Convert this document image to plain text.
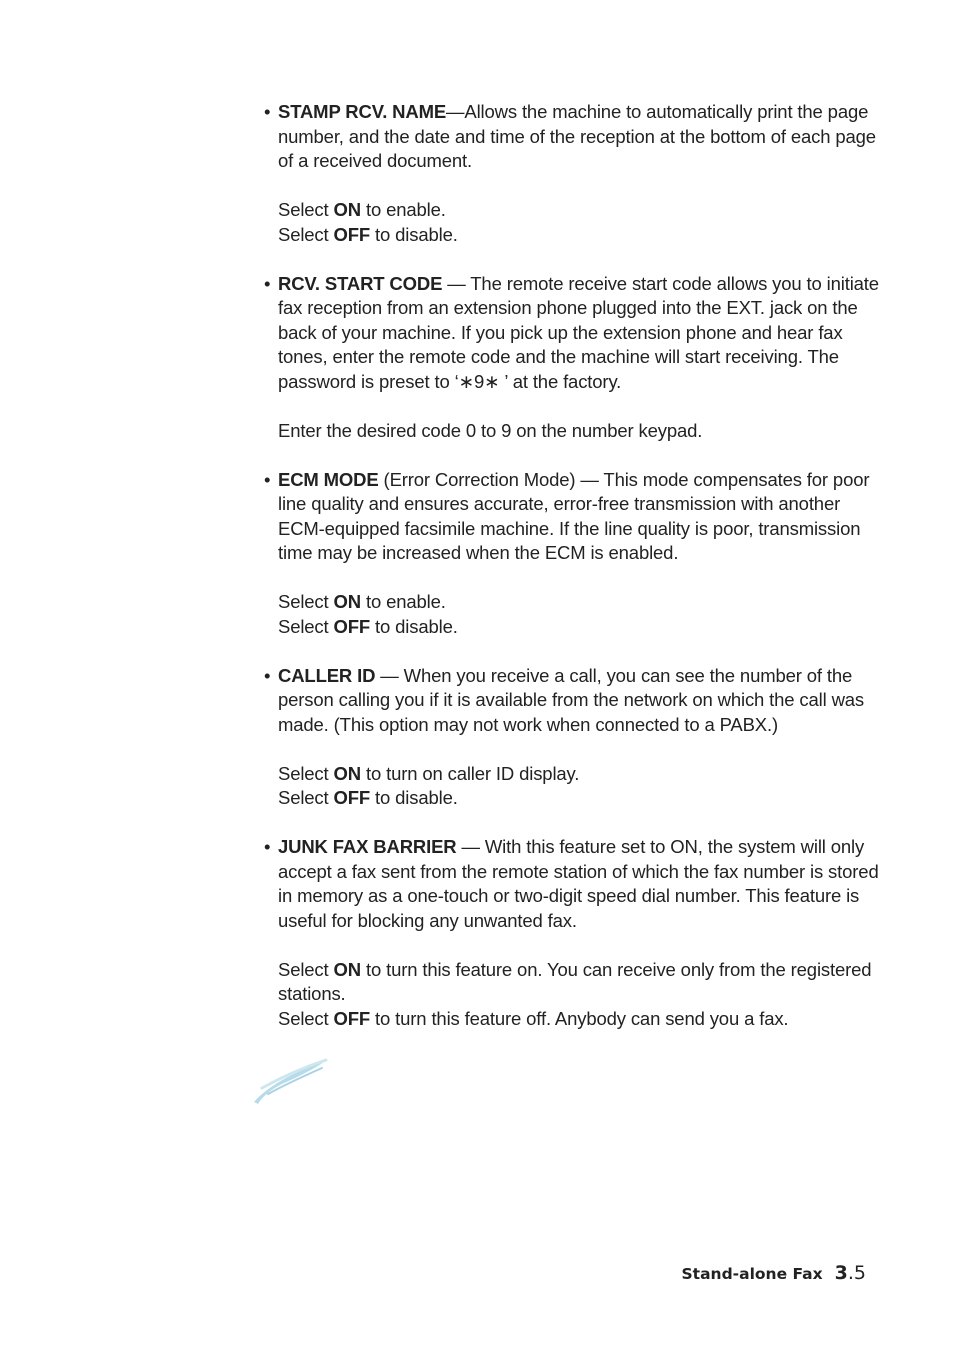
• STAMP RCV. NAME—Allows the machine to automatically print the page number, and the date and time of the reception at the bottom of each page of a received document.

Select ON to enable.

Select OFF to disable.

• RCV. START CODE — The remote receive start code allows you to initiate fax reception from an extension phone plugged into the EXT. jack on the back of your machine. If you pick up the extension phone and hear fax tones, enter the remote code and the machine will start receiving. The password is preset to ‘∗9∗ ’ at the factory.

Enter the desired code 0 to 9 on the number keypad.

• ECM MODE (Error Correction Mode) — This mode compensates for poor line quality and ensures accurate, error-free transmission with another ECM-equipped facsimile machine. If the line quality is poor, transmission time may be increased when the ECM is enabled.

Select ON to enable.

Select OFF to disable.

• CALLER ID — When you receive a call, you can see the number of the person calling you if it is available from the network on which the call was made. (This option may not work when connected to a PABX.)

Select ON to turn on caller ID display.

Select OFF to disable.

• JUNK FAX BARRIER — With this feature set to ON, the system will only accept a fax sent from the remote station of which the fax number is stored in memory as a one-touch or two-digit speed dial number. This feature is useful for blocking any unwanted fax.

Select ON to turn this feature on. You can receive only from the registered stations.

Select OFF to turn this feature off. Anybody can send you a fax.

Stand-alone Fax 3.5
